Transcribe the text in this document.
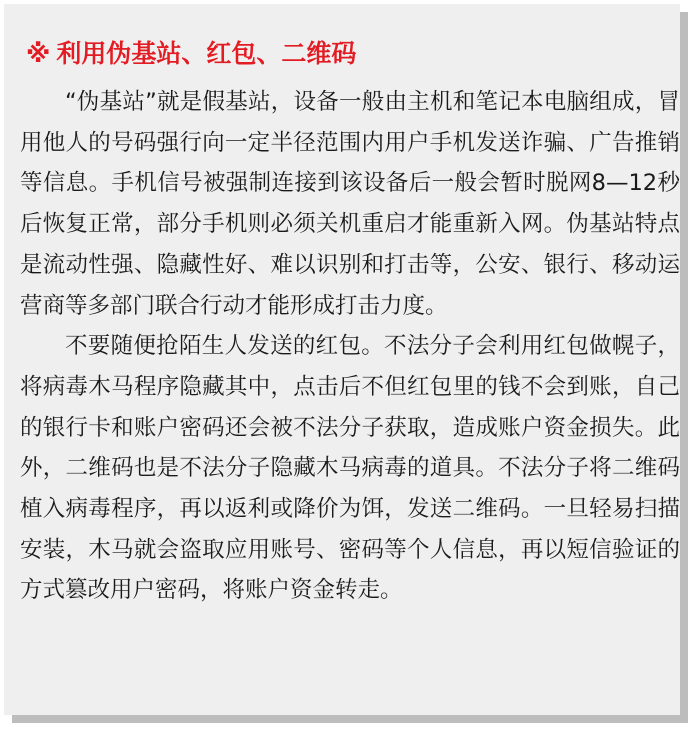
※ 利用伪基站、红包、二维码

“伪基站”就是假基站，设备一般由主机和笔记本电脑组成，冒用他人的号码强行向一定半径范围内用户手机发送诈骗、广告推销等信息。手机信号被强制连接到该设备后一般会暂时脱网8—12秒后恢复正常，部分手机则必须关机重启才能重新入网。伪基站特点是流动性强、隐藏性好、难以识别和打击等，公安、银行、移动运营商等多部门联合行动才能形成打击力度。

不要随便抢陌生人发送的红包。不法分子会利用红包做幌子，将病毒木马程序隐藏其中，点击后不但红包里的钱不会到账，自己的银行卡和账户密码还会被不法分子获取，造成账户资金损失。此外，二维码也是不法分子隐藏木马病毒的道具。不法分子将二维码植入病毒程序，再以返利或降价为饵，发送二维码。一旦轻易扫描安装，木马就会盗取应用账号、密码等个人信息，再以短信验证的方式篡改用户密码，将账户资金转走。
